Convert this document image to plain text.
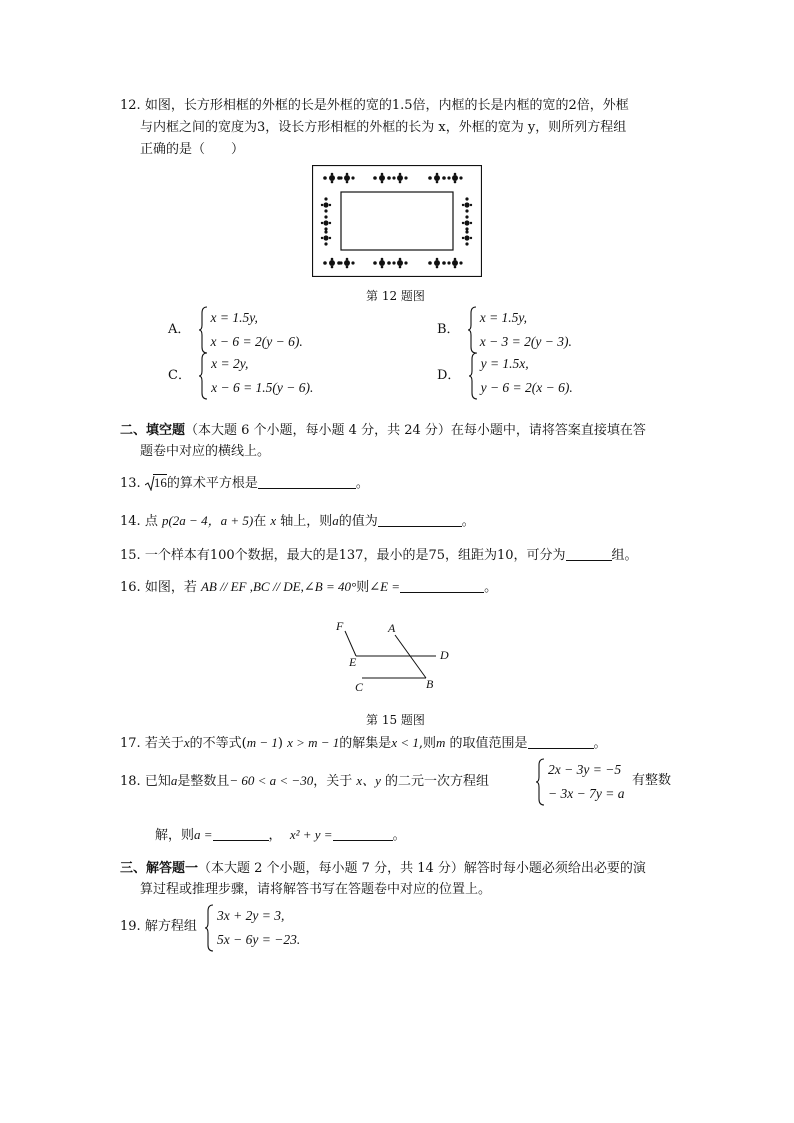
12. 如图，长方形相框的外框的长是外框的宽的1.5倍，内框的长是内框的宽的2倍，外框
与内框之间的宽度为3，设长方形相框的外框的长为 x，外框的宽为 y，则所列方程组
正确的是（　　）
第 12 题图
A．
x = 1.5y,
x − 6 = 2(y − 6).
B．
x = 1.5y,
x − 3 = 2(y − 3).
C．
x = 2y,
x − 6 = 1.5(y − 6).
D．
y = 1.5x,
y − 6 = 2(x − 6).
二、填空题（本大题 6 个小题，每小题 4 分，共 24 分）在每小题中，请将答案直接填在答
题卷中对应的横线上。
13. 16的算术平方根是	。
14. 点 p(2a − 4，a + 5)在 x 轴上，则a的值为	。
15. 一个样本有100个数据，最大的是137，最小的是75，组距为10，可分为	组。
16. 如图，若 AB // EF ,BC // DE,∠B = 40°则∠E =	。
F	A
D
E
C	B
第 15 题图
17. 若关于x的不等式(m − 1) x > m − 1的解集是x < 1,则m 的取值范围是	。
18. 已知a是整数且− 60 < a < −30，关于 x、y 的二元一次方程组
2x − 3y = −5
− 3x − 7y = a
有整数
解，则a =	， x² + y =	。
三、解答题一（本大题 2 个小题，每小题 7 分，共 14 分）解答时每小题必须给出必要的演
算过程或推理步骤，请将解答书写在答题卷中对应的位置上。
19. 解方程组
3x + 2y = 3,
5x − 6y = −23.
